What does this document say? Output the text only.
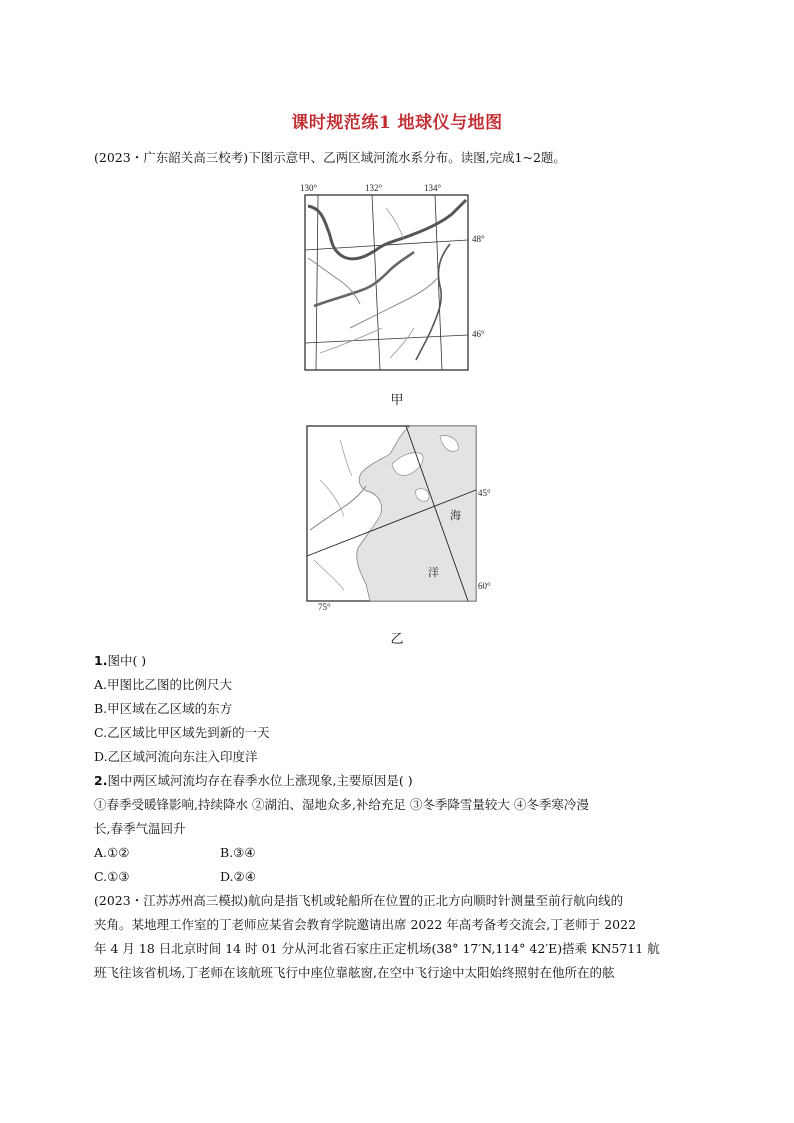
课时规范练1 地球仪与地图
(2023・广东韶关高三校考)下图示意甲、乙两区域河流水系分布。读图,完成1~2题。
130°	132°	134°
48°
46°
甲
45°
60°
75°
海
洋
乙
1.图中( )
A.甲图比乙图的比例尺大
B.甲区域在乙区域的东方
C.乙区域比甲区域先到新的一天
D.乙区域河流向东注入印度洋
2.图中两区域河流均存在春季水位上涨现象,主要原因是( )
①春季受暖锋影响,持续降水 ②湖泊、湿地众多,补给充足 ③冬季降雪量较大 ④冬季寒冷漫
长,春季气温回升
A.①②	B.③④
C.①③	D.②④
(2023・江苏苏州高三模拟)航向是指飞机或轮船所在位置的正北方向顺时针测量至前行航向线的
夹角。某地理工作室的丁老师应某省会教育学院邀请出席 2022 年高考备考交流会,丁老师于 2022
年 4 月 18 日北京时间 14 时 01 分从河北省石家庄正定机场(38° 17′N,114° 42′E)搭乘 KN5711 航
班飞往该省机场,丁老师在该航班飞行中座位靠舷窗,在空中飞行途中太阳始终照射在他所在的舷
